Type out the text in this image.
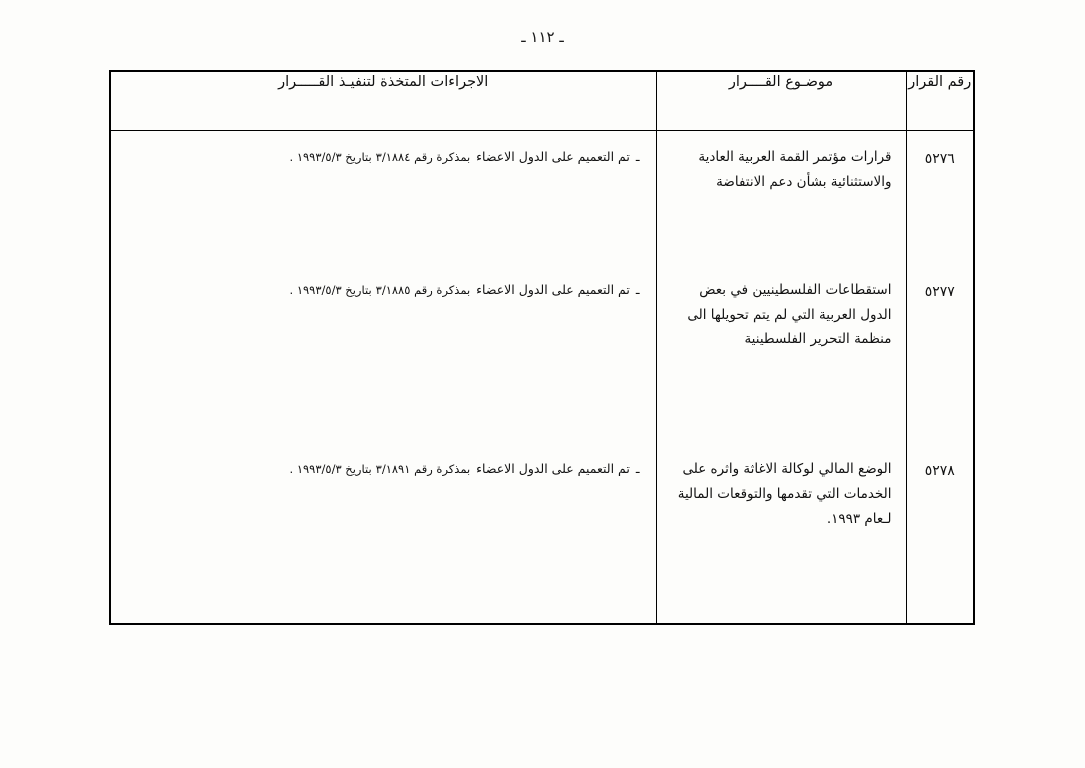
ـ ١١٢ ـ
رقم القرار	موضـوع القــــرار	الاجراءات المتخذة لتنفيـذ القـــــرار

٥٢٧٦	قرارات مؤتمر القمة العربية العادية والاستثنائية بشأن دعم الانتفاضة	ـ
تم التعميم على الدول الاعضاء
بمذكرة رقم ٣/١٨٨٤
بتاريخ ١٩٩٣/٥/٣ .

٥٢٧٧	استقطاعات الفلسطينيين في بعض الدول العربية التي لم يتم تحويلها الى منظمة التحرير الفلسطينية	ـ
تم التعميم على الدول الاعضاء
بمذكرة رقم ٣/١٨٨٥
بتاريخ ١٩٩٣/٥/٣ .

٥٢٧٨	الوضع المالي لوكالة الاغاثة واثره على الخدمات التي تقدمها والتوقعات المالية لـعام ١٩٩٣.	ـ
تم التعميم على الدول الاعضاء
بمذكرة رقم ٣/١٨٩١
بتاريخ ١٩٩٣/٥/٣ .
